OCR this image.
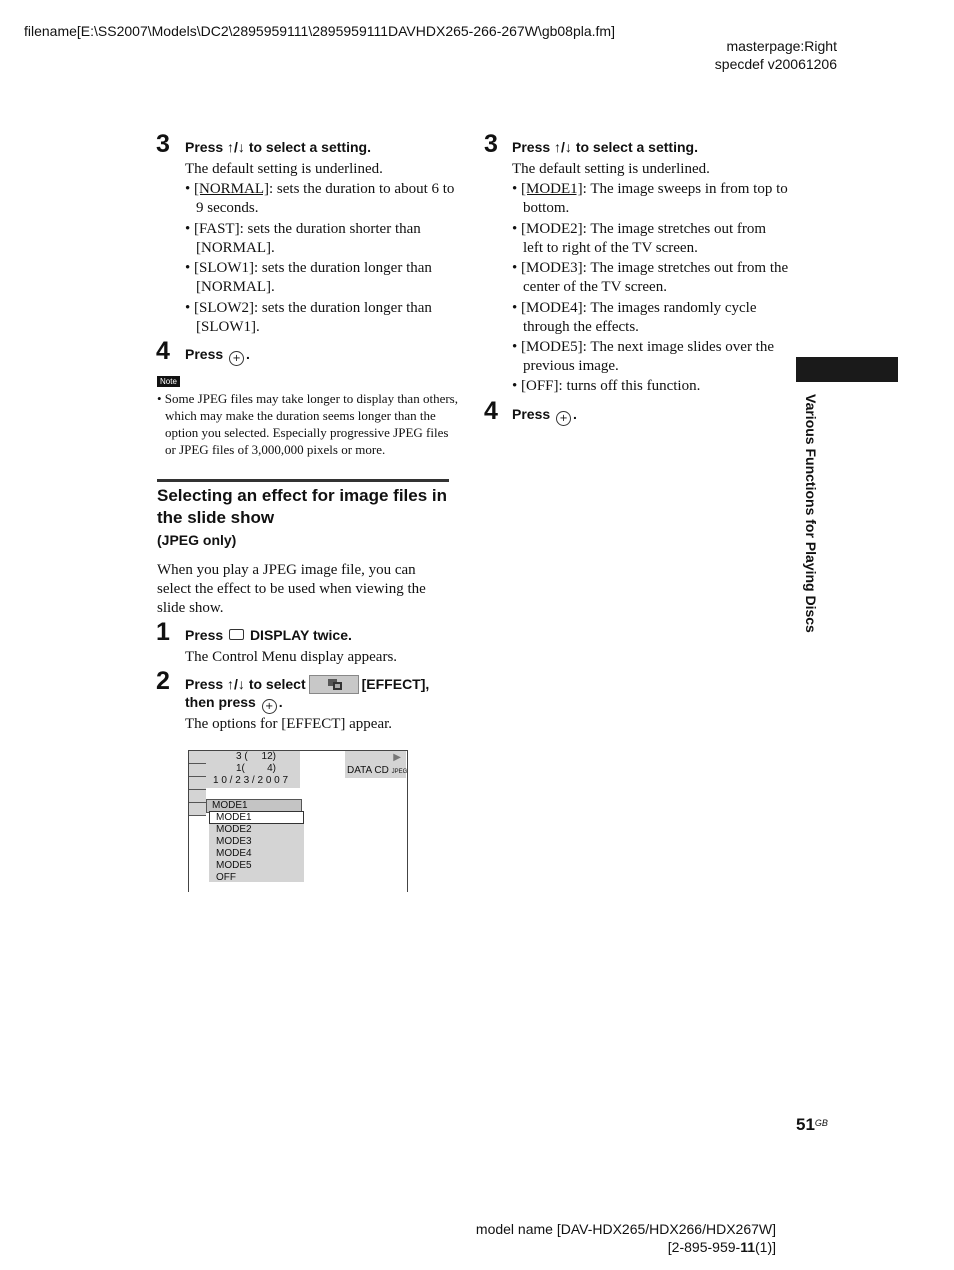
filename[E:\SS2007\Models\DC2\2895959111\2895959111DAVHDX265-266-267W\gb08pla.fm]
masterpage:Right
specdef v20061206
3 Press ↑/↓ to select a setting.
The default setting is underlined.
• [NORMAL]: sets the duration to about 6 to 9 seconds.
• [FAST]: sets the duration shorter than [NORMAL].
• [SLOW1]: sets the duration longer than [NORMAL].
• [SLOW2]: sets the duration longer than [SLOW1].
4 Press + .
Note
• Some JPEG files may take longer to display than others, which may make the duration seems longer than the option you selected. Especially progressive JPEG files or JPEG files of 3,000,000 pixels or more.
Selecting an effect for image files in the slide show
(JPEG only)
When you play a JPEG image file, you can select the effect to be used when viewing the slide show.
1 Press DISPLAY twice.
The Control Menu display appears.
2 Press ↑/↓ to select	[EFFECT],
then press + .
The options for [EFFECT] appear.
3 (     12)
1(        4)
1 0 / 2 3 / 2 0 0 7
▶
DATA CD JPEG
MODE1
MODE1
MODE2
MODE3
MODE4
MODE5
OFF
3 Press ↑/↓ to select a setting.
The default setting is underlined.
• [MODE1]: The image sweeps in from top to bottom.
• [MODE2]: The image stretches out from left to right of the TV screen.
• [MODE3]: The image stretches out from the center of the TV screen.
• [MODE4]: The images randomly cycle through the effects.
• [MODE5]: The next image slides over the previous image.
• [OFF]: turns off this function.
4 Press + .	Various Functions for Playing Discs
$51^{GB}$
model name [DAV-HDX265/HDX266/HDX267W]
[2-895-959-11(1)]
